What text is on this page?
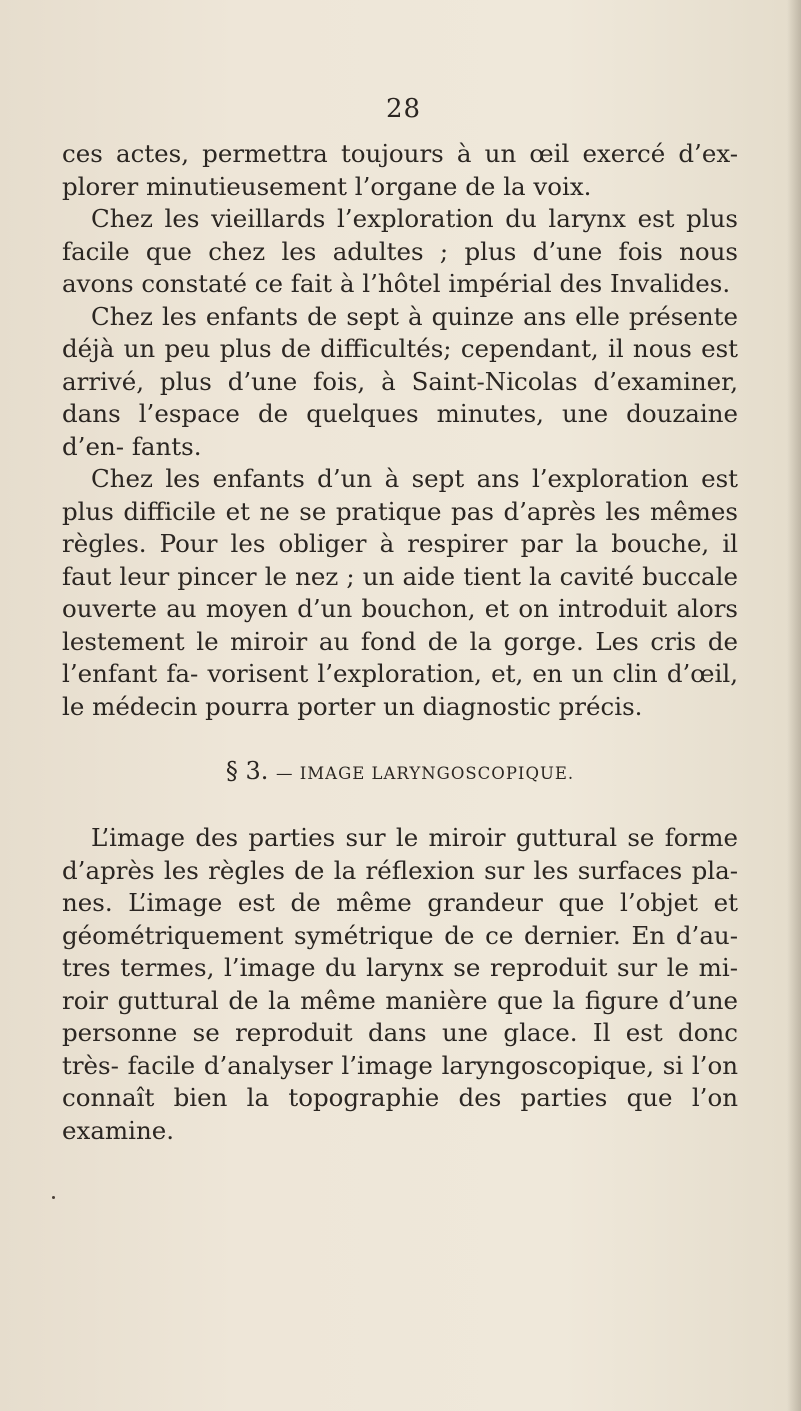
28

ces actes, permettra toujours à un œil exercé d’ex- plorer minutieusement l’organe de la voix.

Chez les vieillards l’exploration du larynx est plus facile que chez les adultes ; plus d’une fois nous avons constaté ce fait à l’hôtel impérial des Invalides.

Chez les enfants de sept à quinze ans elle présente déjà un peu plus de difficultés; cependant, il nous est arrivé, plus d’une fois, à Saint-Nicolas d’examiner, dans l’espace de quelques minutes, une douzaine d’en- fants.

Chez les enfants d’un à sept ans l’exploration est plus difficile et ne se pratique pas d’après les mêmes règles. Pour les obliger à respirer par la bouche, il faut leur pincer le nez ; un aide tient la cavité buccale ouverte au moyen d’un bouchon, et on introduit alors lestement le miroir au fond de la gorge. Les cris de l’enfant fa- vorisent l’exploration, et, en un clin d’œil, le médecin pourra porter un diagnostic précis.

§ 3. — IMAGE LARYNGOSCOPIQUE.

L’image des parties sur le miroir guttural se forme d’après les règles de la réflexion sur les surfaces pla- nes. L’image est de même grandeur que l’objet et géométriquement symétrique de ce dernier. En d’au- tres termes, l’image du larynx se reproduit sur le mi- roir guttural de la même manière que la figure d’une personne se reproduit dans une glace. Il est donc très- facile d’analyser l’image laryngoscopique, si l’on connaît bien la topographie des parties que l’on examine.
